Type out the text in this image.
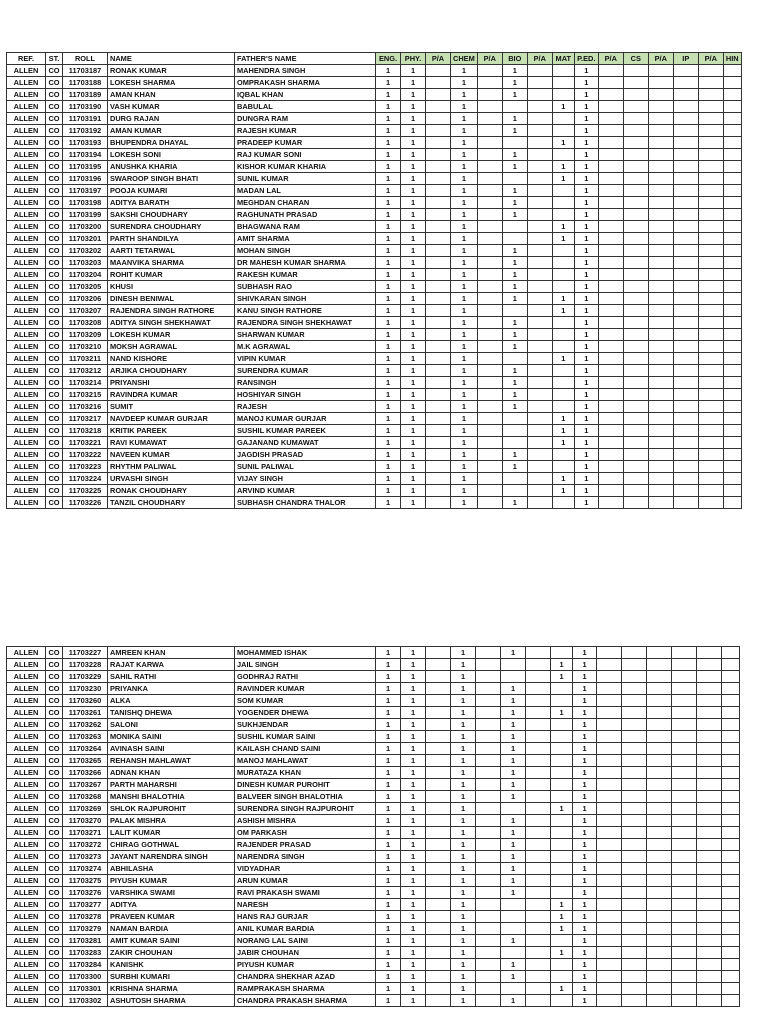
REF.	ST.	ROLL	NAME	FATHER'S NAME	ENG.	PHY.	P/A	CHEM	P/A	BIO	P/A	MAT	P.ED.	P/A	CS	P/A	IP	P/A	HIN
ALLEN	CO	11703187	RONAK KUMAR	MAHENDRA SINGH	1	1		1		1			1						
ALLEN	CO	11703188	LOKESH SHARMA	OMPRAKASH SHARMA	1	1		1		1			1						
ALLEN	CO	11703189	AMAN KHAN	IQBAL KHAN	1	1		1		1			1						
ALLEN	CO	11703190	VASH KUMAR	BABULAL	1	1		1				1	1						
ALLEN	CO	11703191	DURG RAJAN	DUNGRA RAM	1	1		1		1			1						
ALLEN	CO	11703192	AMAN KUMAR	RAJESH KUMAR	1	1		1		1			1						
ALLEN	CO	11703193	BHUPENDRA DHAYAL	PRADEEP KUMAR	1	1		1				1	1						
ALLEN	CO	11703194	LOKESH SONI	RAJ KUMAR SONI	1	1		1		1			1						
ALLEN	CO	11703195	ANUSHKA KHARIA	KISHOR KUMAR KHARIA	1	1		1		1		1	1						
ALLEN	CO	11703196	SWAROOP SINGH BHATI	SUNIL KUMAR	1	1		1				1	1						
ALLEN	CO	11703197	POOJA KUMARI	MADAN LAL	1	1		1		1			1						
ALLEN	CO	11703198	ADITYA BARATH	MEGHDAN CHARAN	1	1		1		1			1						
ALLEN	CO	11703199	SAKSHI CHOUDHARY	RAGHUNATH PRASAD	1	1		1		1			1						
ALLEN	CO	11703200	SURENDRA CHOUDHARY	BHAGWANA RAM	1	1		1				1	1						
ALLEN	CO	11703201	PARTH SHANDILYA	AMIT SHARMA	1	1		1				1	1						
ALLEN	CO	11703202	AARTI TETARWAL	MOHAN SINGH	1	1		1		1			1						
ALLEN	CO	11703203	MAANVIKA SHARMA	DR MAHESH KUMAR SHARMA	1	1		1		1			1						
ALLEN	CO	11703204	ROHIT KUMAR	RAKESH KUMAR	1	1		1		1			1						
ALLEN	CO	11703205	KHUSI	SUBHASH RAO	1	1		1		1			1						
ALLEN	CO	11703206	DINESH BENIWAL	SHIVKARAN SINGH	1	1		1		1		1	1						
ALLEN	CO	11703207	RAJENDRA SINGH RATHORE	KANU SINGH RATHORE	1	1		1				1	1						
ALLEN	CO	11703208	ADITYA SINGH SHEKHAWAT	RAJENDRA SINGH SHEKHAWAT	1	1		1		1			1						
ALLEN	CO	11703209	LOKESH KUMAR	SHARWAN KUMAR	1	1		1		1			1						
ALLEN	CO	11703210	MOKSH AGRAWAL	M.K AGRAWAL	1	1		1		1			1						
ALLEN	CO	11703211	NAND KISHORE	VIPIN KUMAR	1	1		1				1	1						
ALLEN	CO	11703212	ARJIKA CHOUDHARY	SURENDRA KUMAR	1	1		1		1			1						
ALLEN	CO	11703214	PRIYANSHI	RANSINGH	1	1		1		1			1						
ALLEN	CO	11703215	RAVINDRA KUMAR	HOSHIYAR SINGH	1	1		1		1			1						
ALLEN	CO	11703216	SUMIT	RAJESH	1	1		1		1			1						
ALLEN	CO	11703217	NAVDEEP KUMAR GURJAR	MANOJ KUMAR GURJAR	1	1		1				1	1						
ALLEN	CO	11703218	KRITIK PAREEK	SUSHIL KUMAR PAREEK	1	1		1				1	1						
ALLEN	CO	11703221	RAVI KUMAWAT	GAJANAND KUMAWAT	1	1		1				1	1						
ALLEN	CO	11703222	NAVEEN KUMAR	JAGDISH PRASAD	1	1		1		1			1						
ALLEN	CO	11703223	RHYTHM PALIWAL	SUNIL PALIWAL	1	1		1		1			1						
ALLEN	CO	11703224	URVASHI SINGH	VIJAY SINGH	1	1		1				1	1						
ALLEN	CO	11703225	RONAK CHOUDHARY	ARVIND KUMAR	1	1		1				1	1						
ALLEN	CO	11703226	TANZIL CHOUDHARY	SUBHASH CHANDRA THALOR	1	1		1		1			1						
ALLEN	CO	11703227	AMREEN KHAN	MOHAMMED ISHAK	1	1		1		1			1						
ALLEN	CO	11703228	RAJAT KARWA	JAIL SINGH	1	1		1				1	1						
ALLEN	CO	11703229	SAHIL RATHI	GODHRAJ RATHI	1	1		1				1	1						
ALLEN	CO	11703230	PRIYANKA	RAVINDER KUMAR	1	1		1		1			1						
ALLEN	CO	11703260	ALKA	SOM KUMAR	1	1		1		1			1						
ALLEN	CO	11703261	TANISHQ DHEWA	YOGENDER DHEWA	1	1		1		1		1	1						
ALLEN	CO	11703262	SALONI	SUKHJENDAR	1	1		1		1			1						
ALLEN	CO	11703263	MONIKA SAINI	SUSHIL KUMAR SAINI	1	1		1		1			1						
ALLEN	CO	11703264	AVINASH SAINI	KAILASH CHAND SAINI	1	1		1		1			1						
ALLEN	CO	11703265	REHANSH MAHLAWAT	MANOJ MAHLAWAT	1	1		1		1			1						
ALLEN	CO	11703266	ADNAN KHAN	MURATAZA KHAN	1	1		1		1			1						
ALLEN	CO	11703267	PARTH MAHARSHI	DINESH KUMAR PUROHIT	1	1		1		1			1						
ALLEN	CO	11703268	MANSHI BHALOTHIA	BALVEER SINGH BHALOTHIA	1	1		1		1			1						
ALLEN	CO	11703269	SHLOK RAJPUROHIT	SURENDRA SINGH RAJPUROHIT	1	1		1				1	1						
ALLEN	CO	11703270	PALAK MISHRA	ASHISH MISHRA	1	1		1		1			1						
ALLEN	CO	11703271	LALIT KUMAR	OM PARKASH	1	1		1		1			1						
ALLEN	CO	11703272	CHIRAG GOTHWAL	RAJENDER PRASAD	1	1		1		1			1						
ALLEN	CO	11703273	JAYANT NARENDRA SINGH	NARENDRA SINGH	1	1		1		1			1						
ALLEN	CO	11703274	ABHILASHA	VIDYADHAR	1	1		1		1			1						
ALLEN	CO	11703275	PIYUSH KUMAR	ARUN KUMAR	1	1		1		1			1						
ALLEN	CO	11703276	VARSHIKA SWAMI	RAVI PRAKASH SWAMI	1	1		1		1			1						
ALLEN	CO	11703277	ADITYA	NARESH	1	1		1				1	1						
ALLEN	CO	11703278	PRAVEEN KUMAR	HANS RAJ GURJAR	1	1		1				1	1						
ALLEN	CO	11703279	NAMAN BARDIA	ANIL KUMAR BARDIA	1	1		1				1	1						
ALLEN	CO	11703281	AMIT KUMAR SAINI	NORANG LAL SAINI	1	1		1		1			1						
ALLEN	CO	11703283	ZAKIR CHOUHAN	JABIR CHOUHAN	1	1		1				1	1						
ALLEN	CO	11703284	KANISHK	PIYUSH KUMAR	1	1		1		1			1						
ALLEN	CO	11703300	SURBHI KUMARI	CHANDRA SHEKHAR AZAD	1	1		1		1			1						
ALLEN	CO	11703301	KRISHNA SHARMA	RAMPRAKASH SHARMA	1	1		1				1	1						
ALLEN	CO	11703302	ASHUTOSH SHARMA	CHANDRA PRAKASH SHARMA	1	1		1		1			1						
